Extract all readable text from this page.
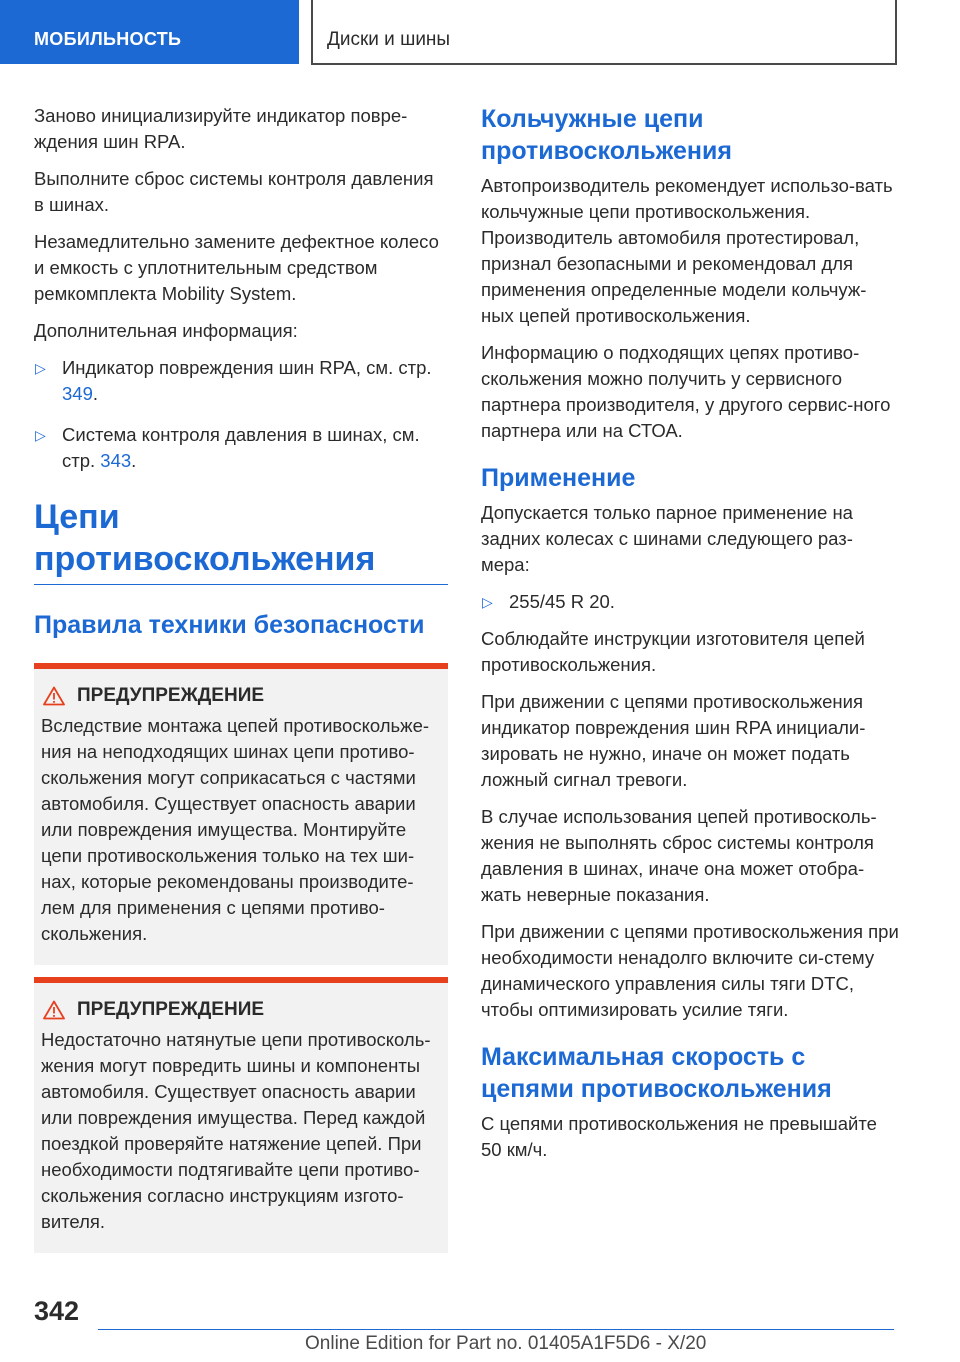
МОБИЛЬНОСТЬ	Диски и шины

Заново инициализируйте индикатор повре-ждения шин RPA.

Выполните сброс системы контроля давления в шинах.

Незамедлительно замените дефектное колесо и емкость с уплотнительным средством ремкомплекта Mobility System.

Дополнительная информация:

▷ Индикатор повреждения шин RPA, см. стр. 349.
▷ Система контроля давления в шинах, см. стр. 343.
Цепи противоскольжения
Правила техники безопасности
ПРЕДУПРЕЖДЕНИЕ

Вследствие монтажа цепей противоскольже-ния на неподходящих шинах цепи противо-скольжения могут соприкасаться с частями автомобиля. Существует опасность аварии или повреждения имущества. Монтируйте цепи противоскольжения только на тех ши-нах, которые рекомендованы производите-лем для применения с цепями противо-скольжения.

ПРЕДУПРЕЖДЕНИЕ

Недостаточно натянутые цепи противосколь-жения могут повредить шины и компоненты автомобиля. Существует опасность аварии или повреждения имущества. Перед каждой поездкой проверяйте натяжение цепей. При необходимости подтягивайте цепи противо-скольжения согласно инструкциям изгото-вителя.

Кольчужные цепи противоскольжения

Автопроизводитель рекомендует использо-вать кольчужные цепи противоскольжения. Производитель автомобиля протестировал, признал безопасными и рекомендовал для применения определенные модели кольчуж-ных цепей противоскольжения.

Информацию о подходящих цепях противо-скольжения можно получить у сервисного партнера производителя, у другого сервис-ного партнера или на СТОА.

Применение

Допускается только парное применение на задних колесах с шинами следующего раз-мера:

▷ 255/45 R 20.

Соблюдайте инструкции изготовителя цепей противоскольжения.

При движении с цепями противоскольжения индикатор повреждения шин RPA инициали-зировать не нужно, иначе он может подать ложный сигнал тревоги.

В случае использования цепей противосколь-жения не выполнять сброс системы контроля давления в шинах, иначе она может отобра-жать неверные показания.

При движении с цепями противоскольжения при необходимости ненадолго включите си-стему динамического управления силы тяги DTC, чтобы оптимизировать усилие тяги.

Максимальная скорость с цепями противоскольжения

С цепями противоскольжения не превышайте 50 км/ч.

342
Online Edition for Part no. 01405A1F5D6 - X/20
